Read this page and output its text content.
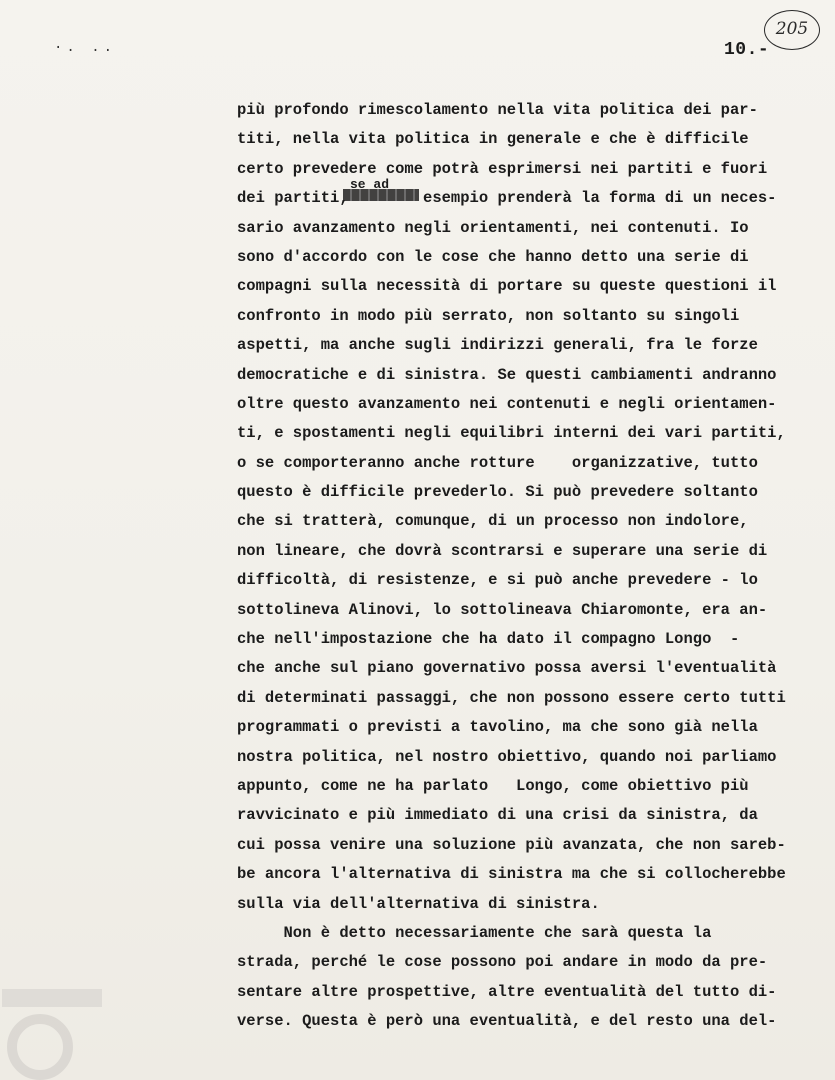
·. ..	10.-
205
se ad
più profondo rimescolamento nella vita politica dei par-
titi, nella vita politica in generale e che è difficile
certo prevedere come potrà esprimersi nei partiti e fuori
dei partiti,        esempio prenderà la forma di un neces-
sario avanzamento negli orientamenti, nei contenuti. Io
sono d'accordo con le cose che hanno detto una serie di
compagni sulla necessità di portare su queste questioni il
confronto in modo più serrato, non soltanto su singoli
aspetti, ma anche sugli indirizzi generali, fra le forze
democratiche e di sinistra. Se questi cambiamenti andranno
oltre questo avanzamento nei contenuti e negli orientamen-
ti, e spostamenti negli equilibri interni dei vari partiti,
o se comporteranno anche rotture    organizzative, tutto
questo è difficile prevederlo. Si può prevedere soltanto
che si tratterà, comunque, di un processo non indolore,
non lineare, che dovrà scontrarsi e superare una serie di
difficoltà, di resistenze, e si può anche prevedere - lo
sottolineva Alinovi, lo sottolineava Chiaromonte, era an-
che nell'impostazione che ha dato il compagno Longo  -
che anche sul piano governativo possa aversi l'eventualità
di determinati passaggi, che non possono essere certo tutti
programmati o previsti a tavolino, ma che sono già nella
nostra politica, nel nostro obiettivo, quando noi parliamo
appunto, come ne ha parlato   Longo, come obiettivo più
ravvicinato e più immediato di una crisi da sinistra, da
cui possa venire una soluzione più avanzata, che non sareb-
be ancora l'alternativa di sinistra ma che si collocherebbe
sulla via dell'alternativa di sinistra.
Non è detto necessariamente che sarà questa la
strada, perché le cose possono poi andare in modo da pre-
sentare altre prospettive, altre eventualità del tutto di-
verse. Questa è però una eventualità, e del resto una del-
